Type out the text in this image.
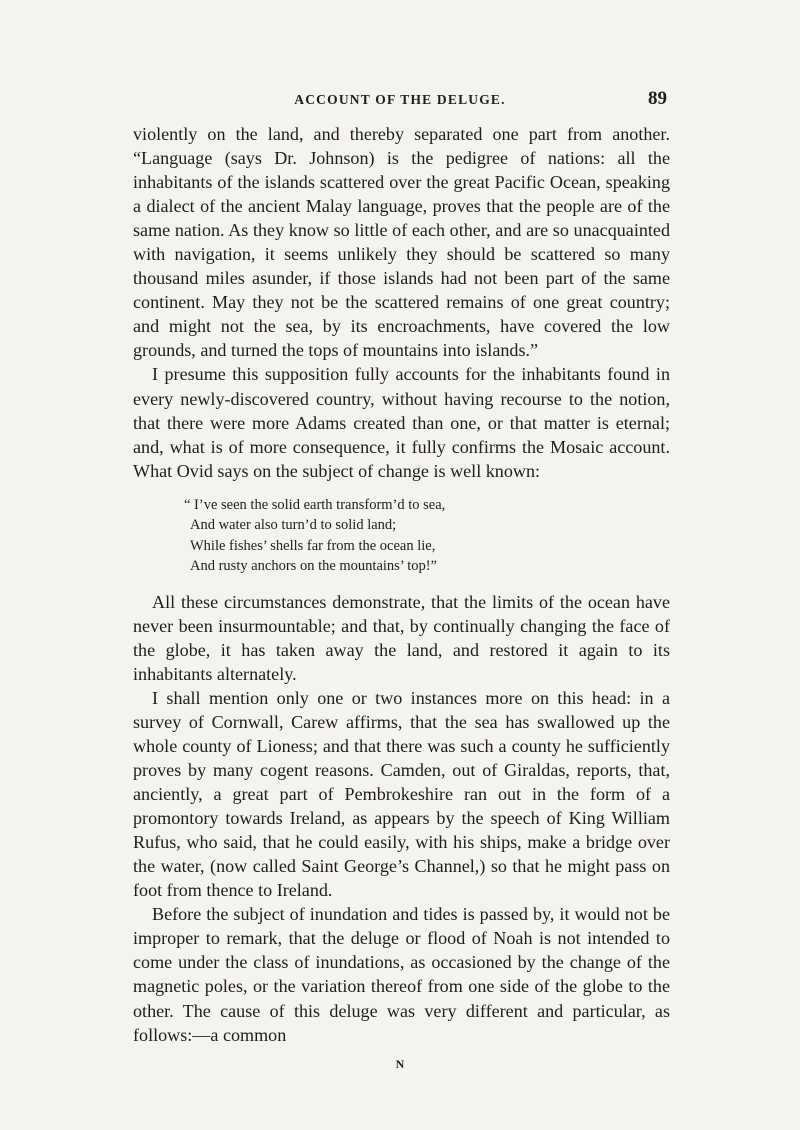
ACCOUNT OF THE DELUGE.	89

violently on the land, and thereby separated one part from another. “Language (says Dr. Johnson) is the pedigree of nations: all the inhabitants of the islands scattered over the great Pacific Ocean, speaking a dialect of the ancient Malay language, proves that the people are of the same nation. As they know so little of each other, and are so unacquainted with navigation, it seems unlikely they should be scattered so many thousand miles asunder, if those islands had not been part of the same continent. May they not be the scattered remains of one great country; and might not the sea, by its encroachments, have covered the low grounds, and turned the tops of mountains into islands.”

I presume this supposition fully accounts for the inhabitants found in every newly-discovered country, without having recourse to the notion, that there were more Adams created than one, or that matter is eternal; and, what is of more consequence, it fully confirms the Mosaic account. What Ovid says on the subject of change is well known:

“ I’ve seen the solid earth transform’d to sea,
And water also turn’d to solid land;
While fishes’ shells far from the ocean lie,
And rusty anchors on the mountains’ top!”

All these circumstances demonstrate, that the limits of the ocean have never been insurmountable; and that, by continually changing the face of the globe, it has taken away the land, and restored it again to its inhabitants alternately.

I shall mention only one or two instances more on this head: in a survey of Cornwall, Carew affirms, that the sea has swallowed up the whole county of Lioness; and that there was such a county he sufficiently proves by many cogent reasons. Camden, out of Giraldas, reports, that, anciently, a great part of Pembrokeshire ran out in the form of a promontory towards Ireland, as appears by the speech of King William Rufus, who said, that he could easily, with his ships, make a bridge over the water, (now called Saint George’s Channel,) so that he might pass on foot from thence to Ireland.

Before the subject of inundation and tides is passed by, it would not be improper to remark, that the deluge or flood of Noah is not intended to come under the class of inundations, as occasioned by the change of the magnetic poles, or the variation thereof from one side of the globe to the other. The cause of this deluge was very different and particular, as follows:—a common

N
